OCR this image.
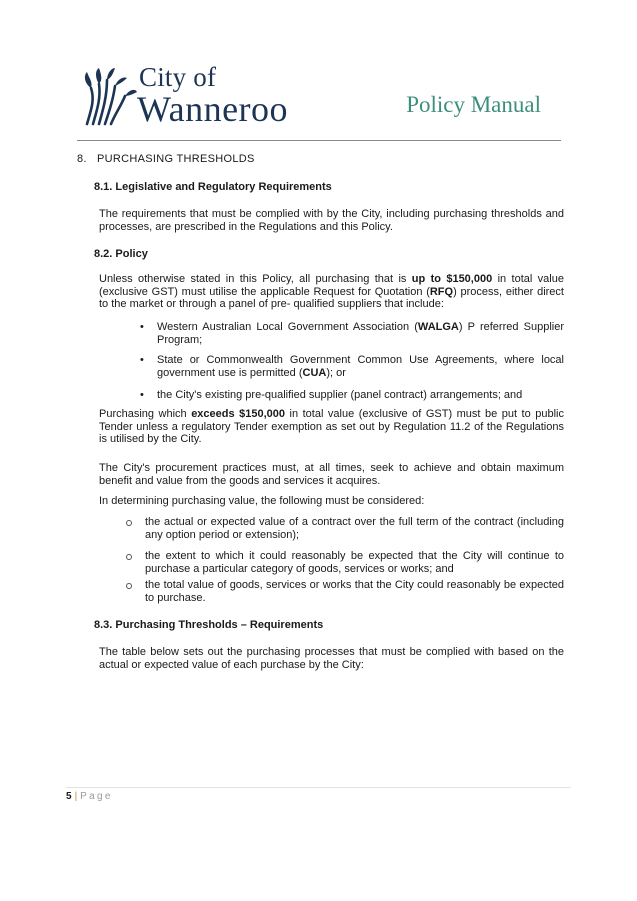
City of
Wanneroo	Policy Manual
8. PURCHASING THRESHOLDS
8.1. Legislative and Regulatory Requirements
The requirements that must be complied with by the City, including purchasing thresholds and processes, are prescribed in the Regulations and this Policy.
8.2. Policy
Unless otherwise stated in this Policy, all purchasing that is up to $150,000 in total value (exclusive GST) must utilise the applicable Request for Quotation (RFQ) process, either direct to the market or through a panel of pre- qualified suppliers that include:
•	Western Australian Local Government Association (WALGA) P referred Supplier Program;
•	State or Commonwealth Government Common Use Agreements, where local government use is permitted (CUA); or
•	the City's existing pre-qualified supplier (panel contract) arrangements; and
Purchasing which exceeds $150,000 in total value (exclusive of GST) must be put to public Tender unless a regulatory Tender exemption as set out by Regulation 11.2 of the Regulations is utilised by the City.
The City's procurement practices must, at all times, seek to achieve and obtain maximum benefit and value from the goods and services it acquires.
In determining purchasing value, the following must be considered:
the actual or expected value of a contract over the full term of the contract (including any option period or extension);
the extent to which it could reasonably be expected that the City will continue to purchase a particular category of goods, services or works; and
the total value of goods, services or works that the City could reasonably be expected to purchase.
8.3. Purchasing Thresholds – Requirements
The table below sets out the purchasing processes that must be complied with based on the actual or expected value of each purchase by the City:
5 | Page
